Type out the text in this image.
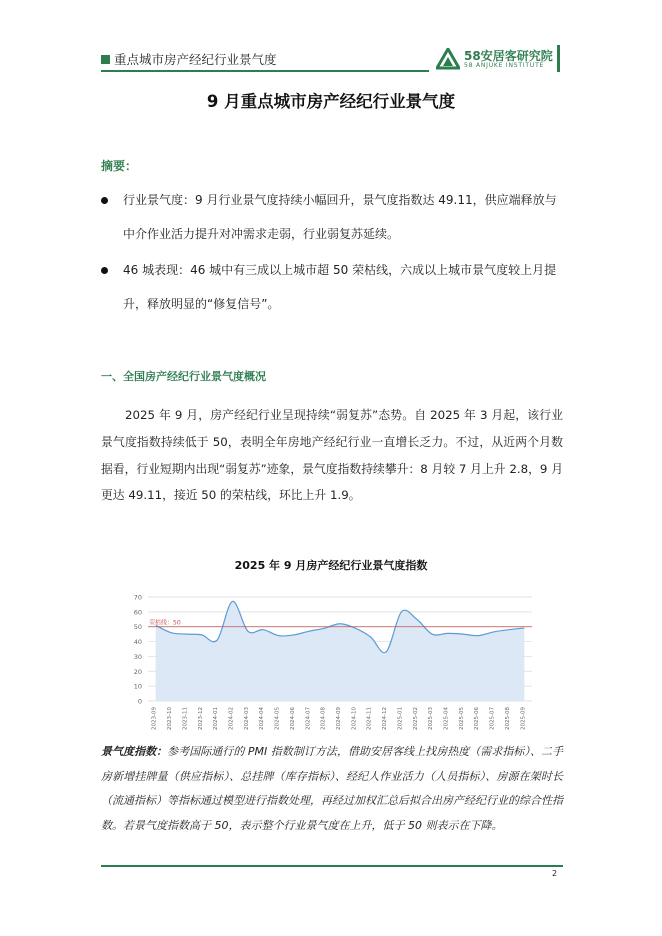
重点城市房产经纪行业景气度	58安居客研究院
58 ANJUKE INSTITUTE
9 月重点城市房产经纪行业景气度
摘要：
行业景气度：9 月行业景气度持续小幅回升，景气度指数达 49.11，供应端释放与中介作业活力提升对冲需求走弱，行业弱复苏延续。
46 城表现：46 城中有三成以上城市超 50 荣枯线，六成以上城市景气度较上月提升，释放明显的“修复信号”。
一、全国房产经纪行业景气度概况
2025 年 9 月，房产经纪行业呈现持续“弱复苏”态势。自 2025 年 3 月起，该行业景气度指数持续低于 50，表明全年房地产经纪行业一直增长乏力。不过，从近两个月数据看，行业短期内出现“弱复苏”迹象，景气度指数持续攀升：8 月较 7 月上升 2.8，9 月更达 49.11，接近 50 的荣枯线，环比上升 1.9。
2025 年 9 月房产经纪行业景气度指数
0
10
20
30
40
50
60
70
荣枯线：50
2023-09 2023-10 2023-11 2023-12 2024-01 2024-02 2024-03 2024-04 2024-05 2024-06 2024-07 2024-08 2024-09 2024-10 2024-11 2024-12 2025-01 2025-02 2025-03 2025-04 2025-05 2025-06 2025-07 2025-08 2025-09
景气度指数：参考国际通行的 PMI 指数制订方法，借助安居客线上找房热度（需求指标）、二手房新增挂牌量（供应指标）、总挂牌（库存指标）、经纪人作业活力（人员指标）、房源在架时长（流通指标）等指标通过模型进行指数处理，再经过加权汇总后拟合出房产经纪行业的综合性指数。若景气度指数高于 50，表示整个行业景气度在上升，低于 50 则表示在下降。
2
